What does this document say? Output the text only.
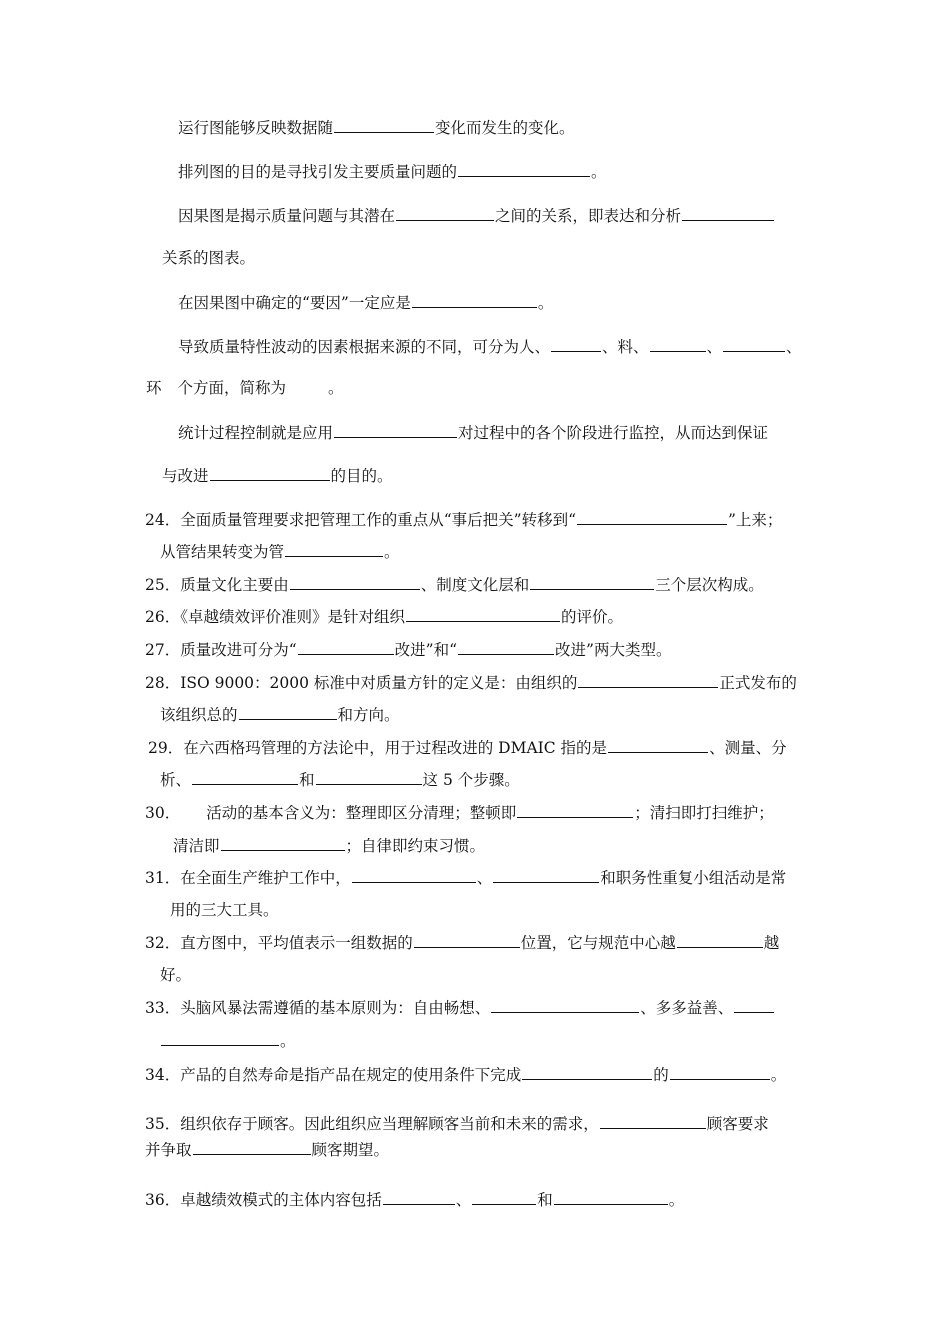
运行图能够反映数据随	变化而发生的变化。
排列图的目的是寻找引发主要质量问题的	。
因果图是揭示质量问题与其潜在	之间的关系，即表达和分析
关系的图表。
在因果图中确定的“要因”一定应是	。
导致质量特性波动的因素根据来源的不同，可分为人、	、料、	、	、
环 个方面，简称为	。
统计过程控制就是应用	对过程中的各个阶段进行监控，从而达到保证
与改进	的目的。
24．全面质量管理要求把管理工作的重点从“事后把关”转移到“	”上来；
从管结果转变为管	。
25．质量文化主要由	、制度文化层和	三个层次构成。
26．《卓越绩效评价准则》是针对组织	的评价。
27．质量改进可分为“	改进”和“	改进”两大类型。
28．ISO 9000：2000 标准中对质量方针的定义是：由组织的	正式发布的
该组织总的	和方向。
29．在六西格玛管理的方法论中，用于过程改进的 DMAIC 指的是	、测量、分
析、	和	这 5 个步骤。
30． 活动的基本含义为：整理即区分清理；整顿即	；清扫即打扫维护；
清洁即	；自律即约束习惯。
31．在全面生产维护工作中，	、	和职务性重复小组活动是常
用的三大工具。
32．直方图中，平均值表示一组数据的	位置，它与规范中心越	越
好。
33．头脑风暴法需遵循的基本原则为：自由畅想、	、多多益善、
。
34．产品的自然寿命是指产品在规定的使用条件下完成	的	。
35．组织依存于顾客。因此组织应当理解顾客当前和未来的需求，	顾客要求
并争取	顾客期望。
36．卓越绩效模式的主体内容包括	、	和	。
